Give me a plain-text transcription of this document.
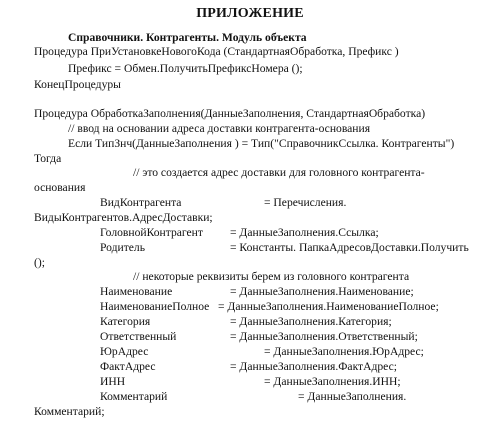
ПРИЛОЖЕНИЕ
Справочники. Контрагенты. Модуль объекта
Процедура ПриУстановкеНовогоКода (СтандартнаяОбработка, Префикс )
Префикс = Обмен.ПолучитьПрефиксНомера ();
КонецПроцедуры
Процедура ОбработкаЗаполнения(ДанныеЗаполнения, СтандартнаяОбработка)
// ввод на основании адреса доставки контрагента-основания
Если ТипЗнч(ДанныеЗаполнения ) = Тип("СправочникСсылка. Контрагенты")
Тогда
// это создается адрес доставки для головного контрагента-
основания
ВидКонтрагента	= Перечисления.
ВидыКонтрагентов.АдресДоставки;
ГоловнойКонтрагент = ДанныеЗаполнения.Ссылка;
Родитель	= Константы. ПапкаАдресовДоставки.Получить
();
// некоторые реквизиты берем из головного контрагента
Наименование	= ДанныеЗаполнения.Наименование;
НаименованиеПолное = ДанныеЗаполнения.НаименованиеПолное;
Категория	= ДанныеЗаполнения.Категория;
Ответственный	= ДанныеЗаполнения.Ответственный;
ЮрАдрес	= ДанныеЗаполнения.ЮрАдрес;
ФактАдрес	= ДанныеЗаполнения.ФактАдрес;
ИНН	= ДанныеЗаполнения.ИНН;
Комментарий	= ДанныеЗаполнения.
Комментарий;
